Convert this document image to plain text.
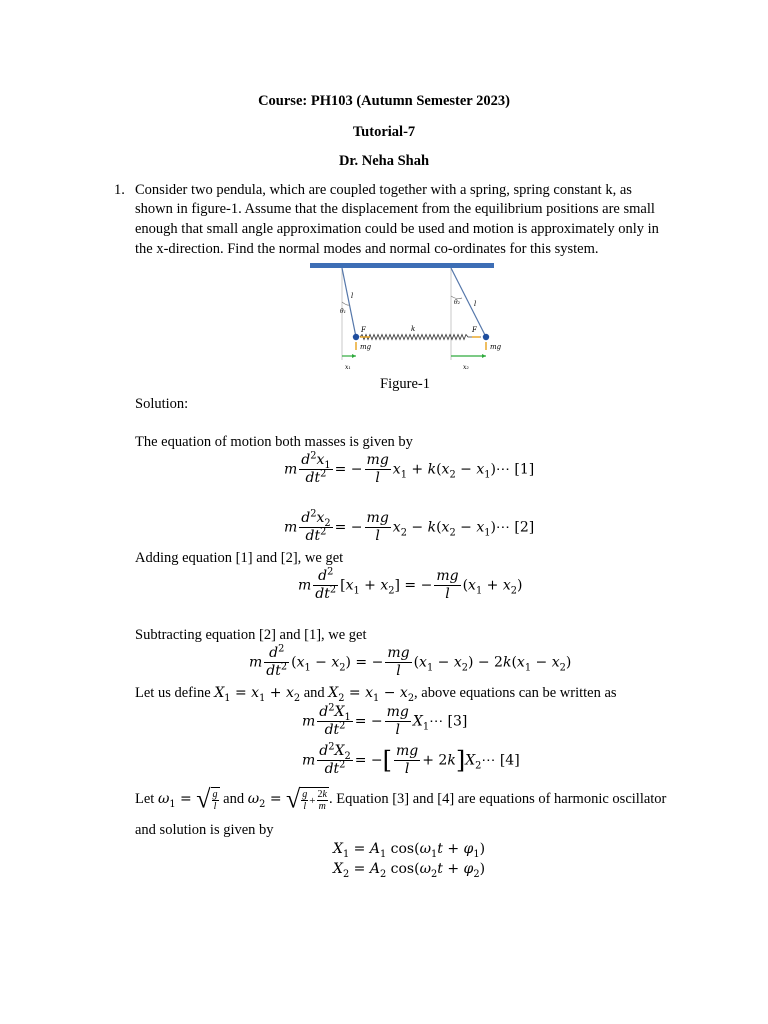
Course: PH103 (Autumn Semester 2023)
Tutorial-7
Dr. Neha Shah
1. Consider two pendula, which are coupled together with a spring, spring constant k, as
shown in figure-1. Assume that the displacement from the equilibrium positions are small
enough that small angle approximation could be used and motion is approximately only in
the x-direction. Find the normal modes and normal co-ordinates for this system.
l
l
θ₁
θ₂
k
F	F
mg	mg
x₁	x₂
Figure-1
Solution:
The equation of motion both masses is given by
m $\frac{d^2x_1}{dt^2}$ = − $\frac{mg}{l} x_1 + k(x_2$ − $x_1)\cdots$ [1]
m $\frac{d^2x_2}{dt^2}$ = − $\frac{mg}{l} x_2 - k(x_2$ − $x_1)\cdots$ [2]
Adding equation [1] and [2], we get
m $\frac{d^2}{dt^2} [x_1 + x_2]$ = − $\frac{mg}{l} (x_1 + x_2)$
Subtracting equation [2] and [1], we get
m $\frac{d^2}{dt^2} (x_1 - x_2)$ = − $\frac{mg}{l} (x_1 - x_2) - 2k(x_1 - x_2)$
Let us define $X_1 = x_1 + x_2$ and $X_2 = x_1 - x_2$, above equations can be written as
m $\frac{d^2X_1}{dt^2}$ = − $\frac{mg}{l}$ $X_1\cdots$ [3]
m $\frac{d^2X_2}{dt^2}$ = −[ $\frac{mg}{l}$ + $2k]X_2\cdots$ [4]
Let $\omega_1$ = √ $\frac{g}{l}$ and $\omega_2$ = √ $\frac{g}{l} + \frac{2k}{m}$ . Equation [3] and [4] are equations of harmonic oscillator
and solution is given by
$X_1 = A_1$ $\cos(\omega_1t + \varphi_1)$
$X_2 = A_2$ $\cos(\omega_2t + \varphi_2)$
